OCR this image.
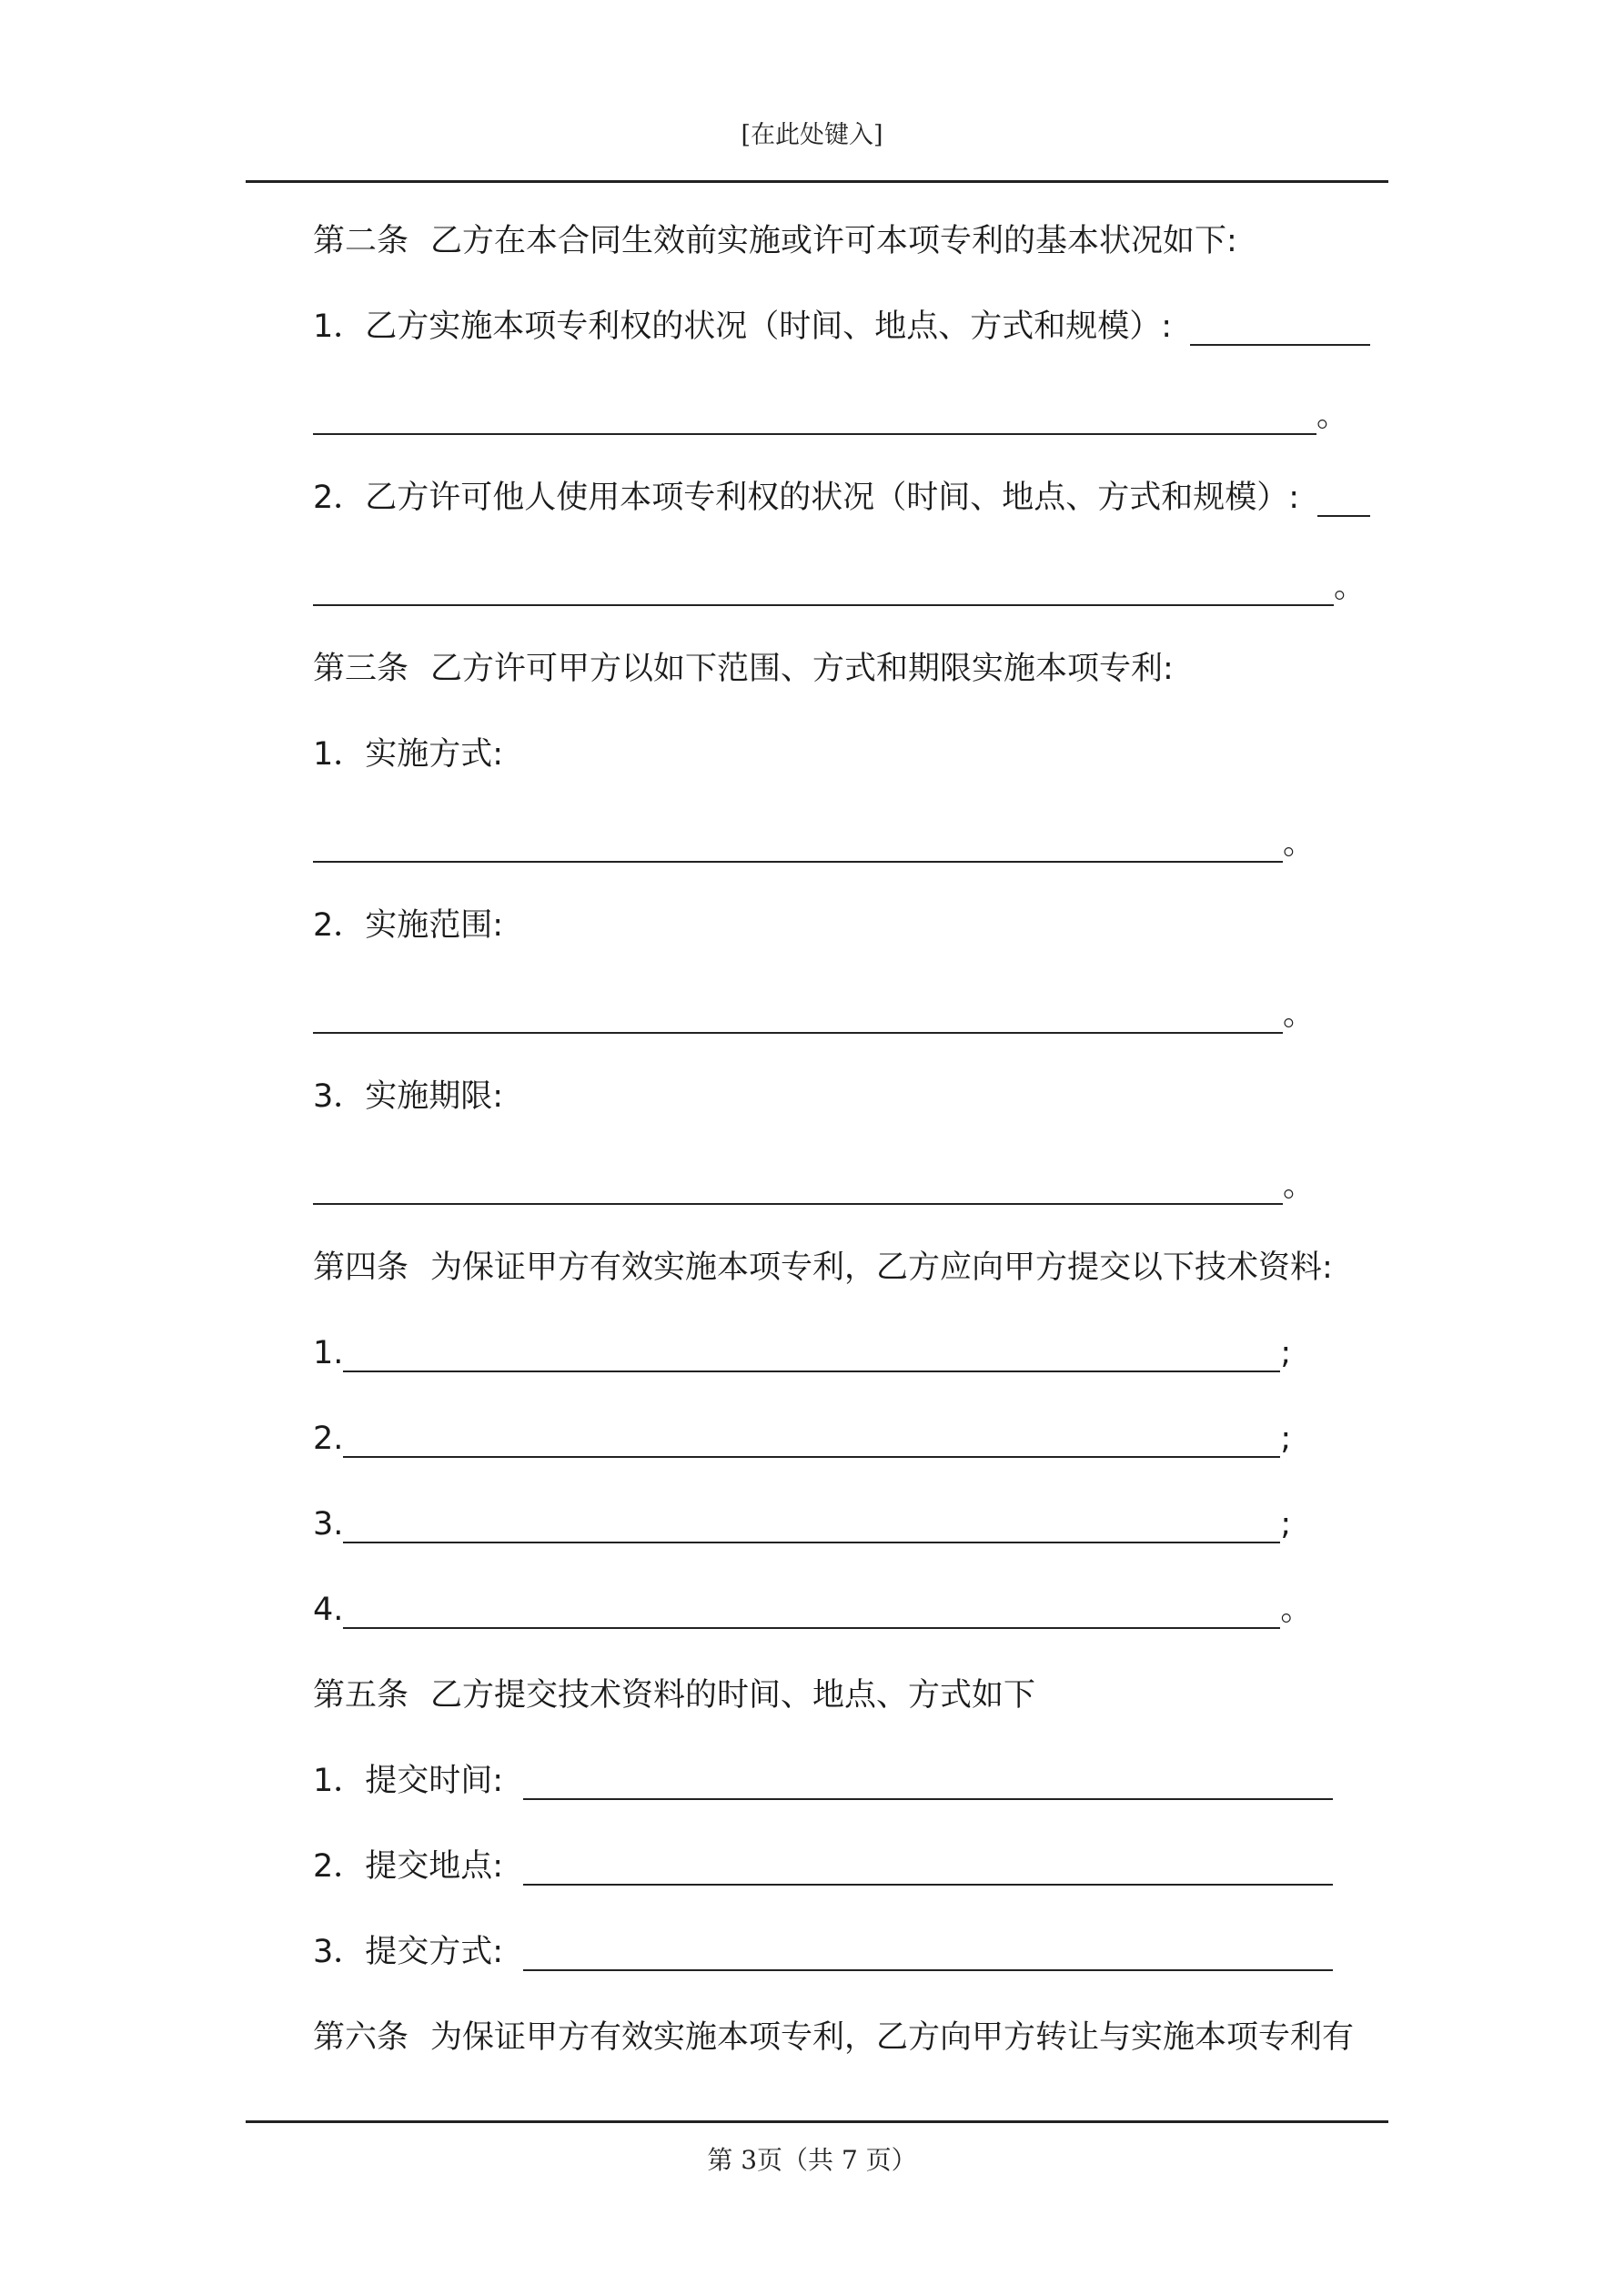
[在此处键入]
第二条 乙方在本合同生效前实施或许可本项专利的基本状况如下:
1．乙方实施本项专利权的状况（时间、地点、方式和规模）:
。
2．乙方许可他人使用本项专利权的状况（时间、地点、方式和规模）:
。
第三条 乙方许可甲方以如下范围、方式和期限实施本项专利:
1．实施方式:
。
2．实施范围:
。
3．实施期限:
。
第四条 为保证甲方有效实施本项专利，乙方应向甲方提交以下技术资料:
1.	;
2.	;
3.	;
4.	。
第五条 乙方提交技术资料的时间、地点、方式如下
1．提交时间:
2．提交地点:
3．提交方式:
第六条 为保证甲方有效实施本项专利，乙方向甲方转让与实施本项专利有
第 3页（共 7 页）
